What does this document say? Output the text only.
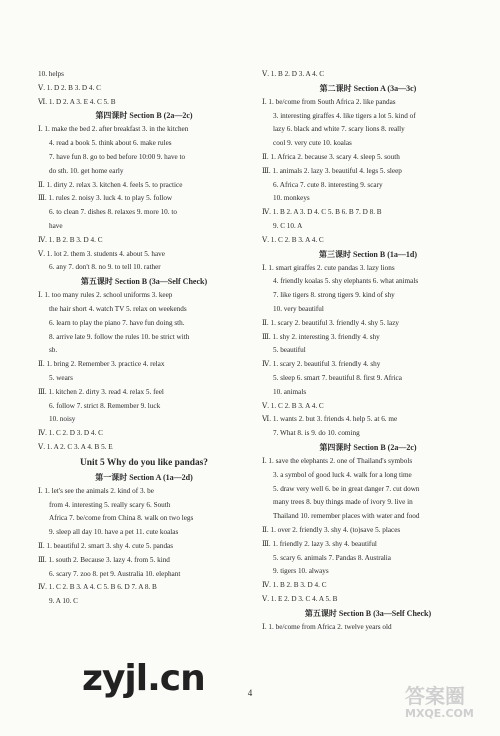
10. helps
Ⅴ. 1. D 2. B 3. D 4. C
Ⅵ. 1. D 2. A 3. E 4. C 5. B
第四课时 Section B (2a—2c)
Ⅰ. 1. make the bed 2. after breakfast 3. in the kitchen
4. read a book 5. think about 6. make rules
7. have fun 8. go to bed before 10:00 9. have to
do sth. 10. get home early
Ⅱ. 1. dirty 2. relax 3. kitchen 4. feels 5. to practice
Ⅲ. 1. rules 2. noisy 3. luck 4. to play 5. follow
6. to clean 7. dishes 8. relaxes 9. more 10. to
have
Ⅳ. 1. B 2. B 3. D 4. C
Ⅴ. 1. lot 2. them 3. students 4. about 5. have
6. any 7. don't 8. no 9. to tell 10. rather
第五课时 Section B (3a—Self Check)
Ⅰ. 1. too many rules 2. school uniforms 3. keep
the hair short 4. watch TV 5. relax on weekends
6. learn to play the piano 7. have fun doing sth.
8. arrive late 9. follow the rules 10. be strict with
sb.
Ⅱ. 1. bring 2. Remember 3. practice 4. relax
5. wears
Ⅲ. 1. kitchen 2. dirty 3. read 4. relax 5. feel
6. follow 7. strict 8. Remember 9. luck
10. noisy
Ⅳ. 1. C 2. D 3. D 4. C
Ⅴ. 1. A 2. C 3. A 4. B 5. E
Unit 5 Why do you like pandas?
第一课时 Section A (1a—2d)
Ⅰ. 1. let's see the animals 2. kind of 3. be
from 4. interesting 5. really scary 6. South
Africa 7. be/come from China 8. walk on two legs
9. sleep all day 10. have a pet 11. cute koalas
Ⅱ. 1. beautiful 2. smart 3. shy 4. cute 5. pandas
Ⅲ. 1. south 2. Because 3. lazy 4. from 5. kind
6. scary 7. zoo 8. pet 9. Australia 10. elephant
Ⅳ. 1. C 2. B 3. A 4. C 5. B 6. D 7. A 8. B
9. A 10. C
Ⅴ. 1. B 2. D 3. A 4. C
第二课时 Section A (3a—3c)
Ⅰ. 1. be/come from South Africa 2. like pandas
3. interesting giraffes 4. like tigers a lot 5. kind of
lazy 6. black and white 7. scary lions 8. really
cool 9. very cute 10. koalas
Ⅱ. 1. Africa 2. because 3. scary 4. sleep 5. south
Ⅲ. 1. animals 2. lazy 3. beautiful 4. legs 5. sleep
6. Africa 7. cute 8. interesting 9. scary
10. monkeys
Ⅳ. 1. B 2. A 3. D 4. C 5. B 6. B 7. D 8. B
9. C 10. A
Ⅴ. 1. C 2. B 3. A 4. C
第三课时 Section B (1a—1d)
Ⅰ. 1. smart giraffes 2. cute pandas 3. lazy lions
4. friendly koalas 5. shy elephants 6. what animals
7. like tigers 8. strong tigers 9. kind of shy
10. very beautiful
Ⅱ. 1. scary 2. beautiful 3. friendly 4. shy 5. lazy
Ⅲ. 1. shy 2. interesting 3. friendly 4. shy
5. beautiful
Ⅳ. 1. scary 2. beautiful 3. friendly 4. shy
5. sleep 6. smart 7. beautiful 8. first 9. Africa
10. animals
Ⅴ. 1. C 2. B 3. A 4. C
Ⅵ. 1. wants 2. but 3. friends 4. help 5. at 6. me
7. What 8. is 9. do 10. coming
第四课时 Section B (2a—2c)
Ⅰ. 1. save the elephants 2. one of Thailand's symbols
3. a symbol of good luck 4. walk for a long time
5. draw very well 6. be in great danger 7. cut down
many trees 8. buy things made of ivory 9. live in
Thailand 10. remember places with water and food
Ⅱ. 1. over 2. friendly 3. shy 4. (to)save 5. places
Ⅲ. 1. friendly 2. lazy 3. shy 4. beautiful
5. scary 6. animals 7. Pandas 8. Australia
9. tigers 10. always
Ⅳ. 1. B 2. B 3. D 4. C
Ⅴ. 1. E 2. D 3. C 4. A 5. B
第五课时 Section B (3a—Self Check)
Ⅰ. 1. be/come from Africa 2. twelve years old
4
zyjl.cn	答案圈
MXQE.COM
